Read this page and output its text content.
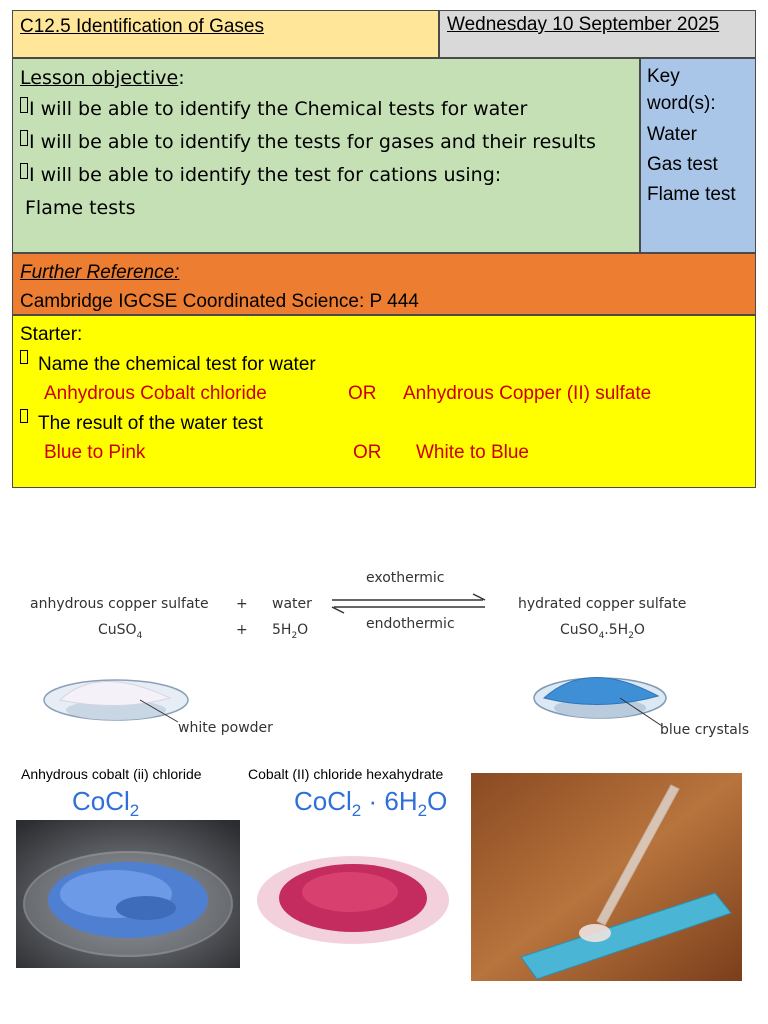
C12.5 Identification of Gases	Wednesday 10 September 2025
Lesson objective:
I will be able to identify the Chemical tests for water
I will be able to identify the tests for gases and their results
I will be able to identify the test for cations using:
Flame tests
Key word(s):
Water
Gas test
Flame test
Further Reference:
Cambridge IGCSE Coordinated Science: P 444
Starter:
Name the chemical test for water
Anhydrous Cobalt chloride	OR Anhydrous Copper (II) sulfate
The result of the water test
Blue to Pink	OR White to Blue
anhydrous copper sulfate + water
exothermic
endothermic
hydrated copper sulfate
CuSO$_4$	+ $5H_2O$	$CuSO_4.5H_2O$
white powder	blue crystals
Anhydrous cobalt (ii) chloride
CoCl$_2$
Cobalt (II) chloride hexahydrate
CoCl$_2$ · $6H_2O$
